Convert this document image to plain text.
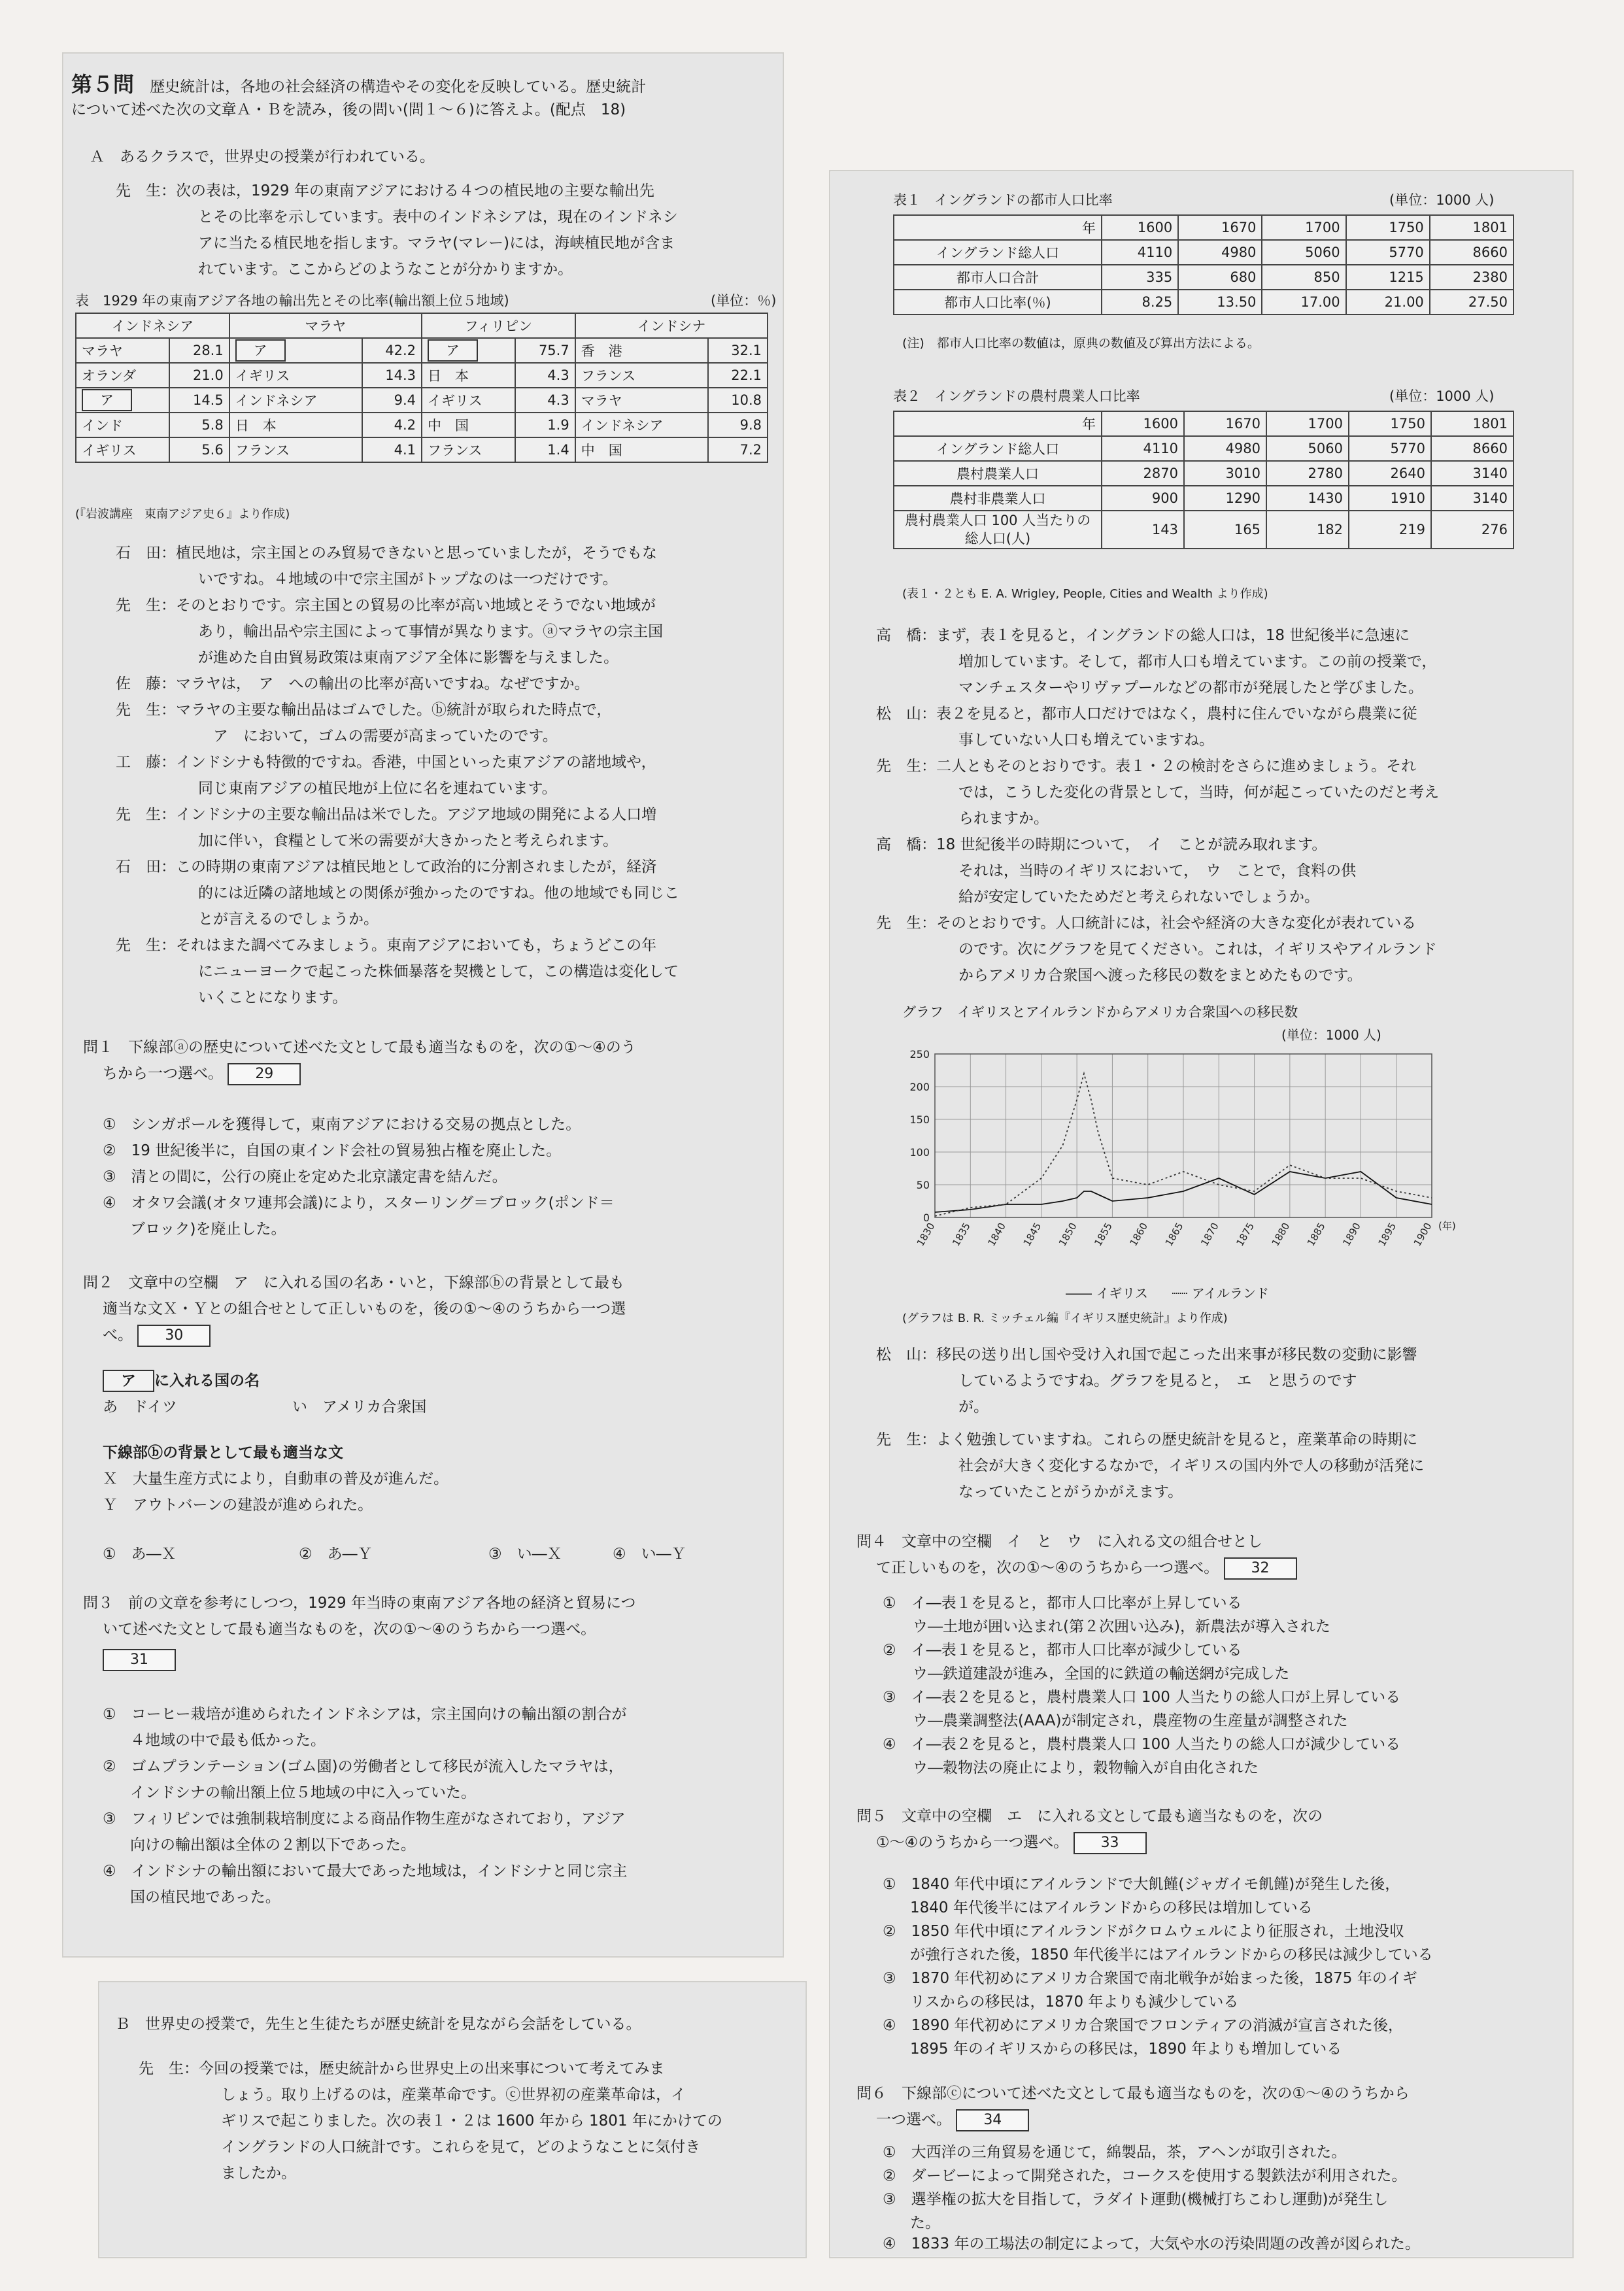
第５問 歴史統計は，各地の社会経済の構造やその変化を反映している。歴史統計
について述べた次の文章Ａ・Ｂを読み，後の問い(問１～６)に答えよ。(配点　18)
Ａ　あるクラスで，世界史の授業が行われている。
先　生：次の表は，1929 年の東南アジアにおける４つの植民地の主要な輸出先
とその比率を示しています。表中のインドネシアは，現在のインドネシ
アに当たる植民地を指します。マラヤ(マレー)には，海峡植民地が含ま
れています。ここからどのようなことが分かりますか。
表　1929 年の東南アジア各地の輸出先とその比率(輸出額上位５地域)	(単位：％)
インドネシア		マラヤ		フィリピン		インドシナ	
マラヤ	28.1	ア	42.2	ア	75.7	香　港	32.1
オランダ	21.0	イギリス	14.3	日　本	4.3	フランス	22.1
ア	14.5	インドネシア	9.4	イギリス	4.3	マラヤ	10.8
インド	5.8	日　本	4.2	中　国	1.9	インドネシア	9.8
イギリス	5.6	フランス	4.1	フランス	1.4	中　国	7.2
(『岩波講座　東南アジア史６』より作成)
石　田：植民地は，宗主国とのみ貿易できないと思っていましたが，そうでもな
いですね。４地域の中で宗主国がトップなのは一つだけです。
先　生：そのとおりです。宗主国との貿易の比率が高い地域とそうでない地域が
あり，輸出品や宗主国によって事情が異なります。ⓐマラヤの宗主国
が進めた自由貿易政策は東南アジア全体に影響を与えました。
佐　藤：マラヤは，　ア　への輸出の比率が高いですね。なぜですか。
先　生：マラヤの主要な輸出品はゴムでした。ⓑ統計が取られた時点で，
　ア　において，ゴムの需要が高まっていたのです。
工　藤：インドシナも特徴的ですね。香港，中国といった東アジアの諸地域や，
同じ東南アジアの植民地が上位に名を連ねています。
先　生：インドシナの主要な輸出品は米でした。アジア地域の開発による人口増
加に伴い，食糧として米の需要が大きかったと考えられます。
石　田：この時期の東南アジアは植民地として政治的に分割されましたが，経済
的には近隣の諸地域との関係が強かったのですね。他の地域でも同じこ
とが言えるのでしょうか。
先　生：それはまた調べてみましょう。東南アジアにおいても，ちょうどこの年
にニューヨークで起こった株価暴落を契機として，この構造は変化して
いくことになります。
問１　下線部ⓐの歴史について述べた文として最も適当なものを，次の①～④のう
ちから一つ選べ。 29
①　シンガポールを獲得して，東南アジアにおける交易の拠点とした。
②　19 世紀後半に，自国の東インド会社の貿易独占権を廃止した。
③　清との間に，公行の廃止を定めた北京議定書を結んだ。
④　オタワ会議(オタワ連邦会議)により，スターリング＝ブロック(ポンド＝
ブロック)を廃止した。
問２　文章中の空欄　ア　に入れる国の名あ・いと，下線部ⓑの背景として最も
適当な文Ｘ・Ｙとの組合せとして正しいものを，後の①～④のうちから一つ選
べ。 30
ア に入れる国の名
あ　ドイツ	い　アメリカ合衆国
下線部ⓑの背景として最も適当な文
Ｘ　大量生産方式により，自動車の普及が進んだ。
Ｙ　アウトバーンの建設が進められた。
①　あ―Ｘ	②　あ―Ｙ	③　い―Ｘ	④　い―Ｙ
問３　前の文章を参考にしつつ，1929 年当時の東南アジア各地の経済と貿易につ
いて述べた文として最も適当なものを，次の①～④のうちから一つ選べ。
31
①　コーヒー栽培が進められたインドネシアは，宗主国向けの輸出額の割合が
４地域の中で最も低かった。
②　ゴムプランテーション(ゴム園)の労働者として移民が流入したマラヤは，
インドシナの輸出額上位５地域の中に入っていた。
③　フィリピンでは強制栽培制度による商品作物生産がなされており，アジア
向けの輸出額は全体の２割以下であった。
④　インドシナの輸出額において最大であった地域は，インドシナと同じ宗主
国の植民地であった。
Ｂ　世界史の授業で，先生と生徒たちが歴史統計を見ながら会話をしている。
先　生：今回の授業では，歴史統計から世界史上の出来事について考えてみま
しょう。取り上げるのは，産業革命です。ⓒ世界初の産業革命は，イ
ギリスで起こりました。次の表１・２は 1600 年から 1801 年にかけての
イングランドの人口統計です。これらを見て，どのようなことに気付き
ましたか。
表１　イングランドの都市人口比率	(単位：1000 人)
年	1600	1670	1700	1750	1801
イングランド総人口	4110	4980	5060	5770	8660
都市人口合計	335	680	850	1215	2380
都市人口比率(％)	8.25	13.50	17.00	21.00	27.50
(注)　都市人口比率の数値は，原典の数値及び算出方法による。
表２　イングランドの農村農業人口比率	(単位：1000 人)
年	1600	1670	1700	1750	1801
イングランド総人口	4110	4980	5060	5770	8660
農村農業人口	2870	3010	2780	2640	3140
農村非農業人口	900	1290	1430	1910	3140
農村農業人口 100 人当たりの総人口(人)	143	165	182	219	276
(表１・２とも E. A. Wrigley, People, Cities and Wealth より作成)
高　橋：まず，表１を見ると，イングランドの総人口は，18 世紀後半に急速に
増加しています。そして，都市人口も増えています。この前の授業で，
マンチェスターやリヴァプールなどの都市が発展したと学びました。
松　山：表２を見ると，都市人口だけではなく，農村に住んでいながら農業に従
事していない人口も増えていますね。
先　生：二人ともそのとおりです。表１・２の検討をさらに進めましょう。それ
では，こうした変化の背景として，当時，何が起こっていたのだと考え
られますか。
高　橋：18 世紀後半の時期について，　イ　ことが読み取れます。
それは，当時のイギリスにおいて，　ウ　ことで，食料の供
給が安定していたためだと考えられないでしょうか。
先　生：そのとおりです。人口統計には，社会や経済の大きな変化が表れている
のです。次にグラフを見てください。これは，イギリスやアイルランド
からアメリカ合衆国へ渡った移民の数をまとめたものです。
グラフ　イギリスとアイルランドからアメリカ合衆国への移民数
(単位：1000 人)
0
50
100
150
200
250
1830 1835 1840 1845 1850 1855 1860 1865 1870 1875 1880 1885 1890 1895 1900 (年)
―― イギリス ┈┈ アイルランド
(グラフは B. R. ミッチェル編『イギリス歴史統計』より作成)
松　山：移民の送り出し国や受け入れ国で起こった出来事が移民数の変動に影響
しているようですね。グラフを見ると，　エ　と思うのです
が。
先　生：よく勉強していますね。これらの歴史統計を見ると，産業革命の時期に
社会が大きく変化するなかで，イギリスの国内外で人の移動が活発に
なっていたことがうかがえます。
問４　文章中の空欄　イ　と　ウ　に入れる文の組合せとし
て正しいものを，次の①～④のうちから一つ選べ。 32
①　イ―表１を見ると，都市人口比率が上昇している
　　ウ―土地が囲い込まれ(第２次囲い込み)，新農法が導入された
②　イ―表１を見ると，都市人口比率が減少している
　　ウ―鉄道建設が進み，全国的に鉄道の輸送網が完成した
③　イ―表２を見ると，農村農業人口 100 人当たりの総人口が上昇している
　　ウ―農業調整法(AAA)が制定され，農産物の生産量が調整された
④　イ―表２を見ると，農村農業人口 100 人当たりの総人口が減少している
　　ウ―穀物法の廃止により，穀物輸入が自由化された
問５　文章中の空欄　エ　に入れる文として最も適当なものを，次の
①～④のうちから一つ選べ。 33
①　1840 年代中頃にアイルランドで大飢饉(ジャガイモ飢饉)が発生した後，
1840 年代後半にはアイルランドからの移民は増加している
②　1850 年代中頃にアイルランドがクロムウェルにより征服され，土地没収
が強行された後，1850 年代後半にはアイルランドからの移民は減少している
③　1870 年代初めにアメリカ合衆国で南北戦争が始まった後，1875 年のイギ
リスからの移民は，1870 年よりも減少している
④　1890 年代初めにアメリカ合衆国でフロンティアの消滅が宣言された後，
1895 年のイギリスからの移民は，1890 年よりも増加している
問６　下線部ⓒについて述べた文として最も適当なものを，次の①～④のうちから
一つ選べ。 34
①　大西洋の三角貿易を通じて，綿製品，茶，アヘンが取引された。
②　ダービーによって開発された，コークスを使用する製鉄法が利用された。
③　選挙権の拡大を目指して，ラダイト運動(機械打ちこわし運動)が発生し
た。
④　1833 年の工場法の制定によって，大気や水の汚染問題の改善が図られた。
